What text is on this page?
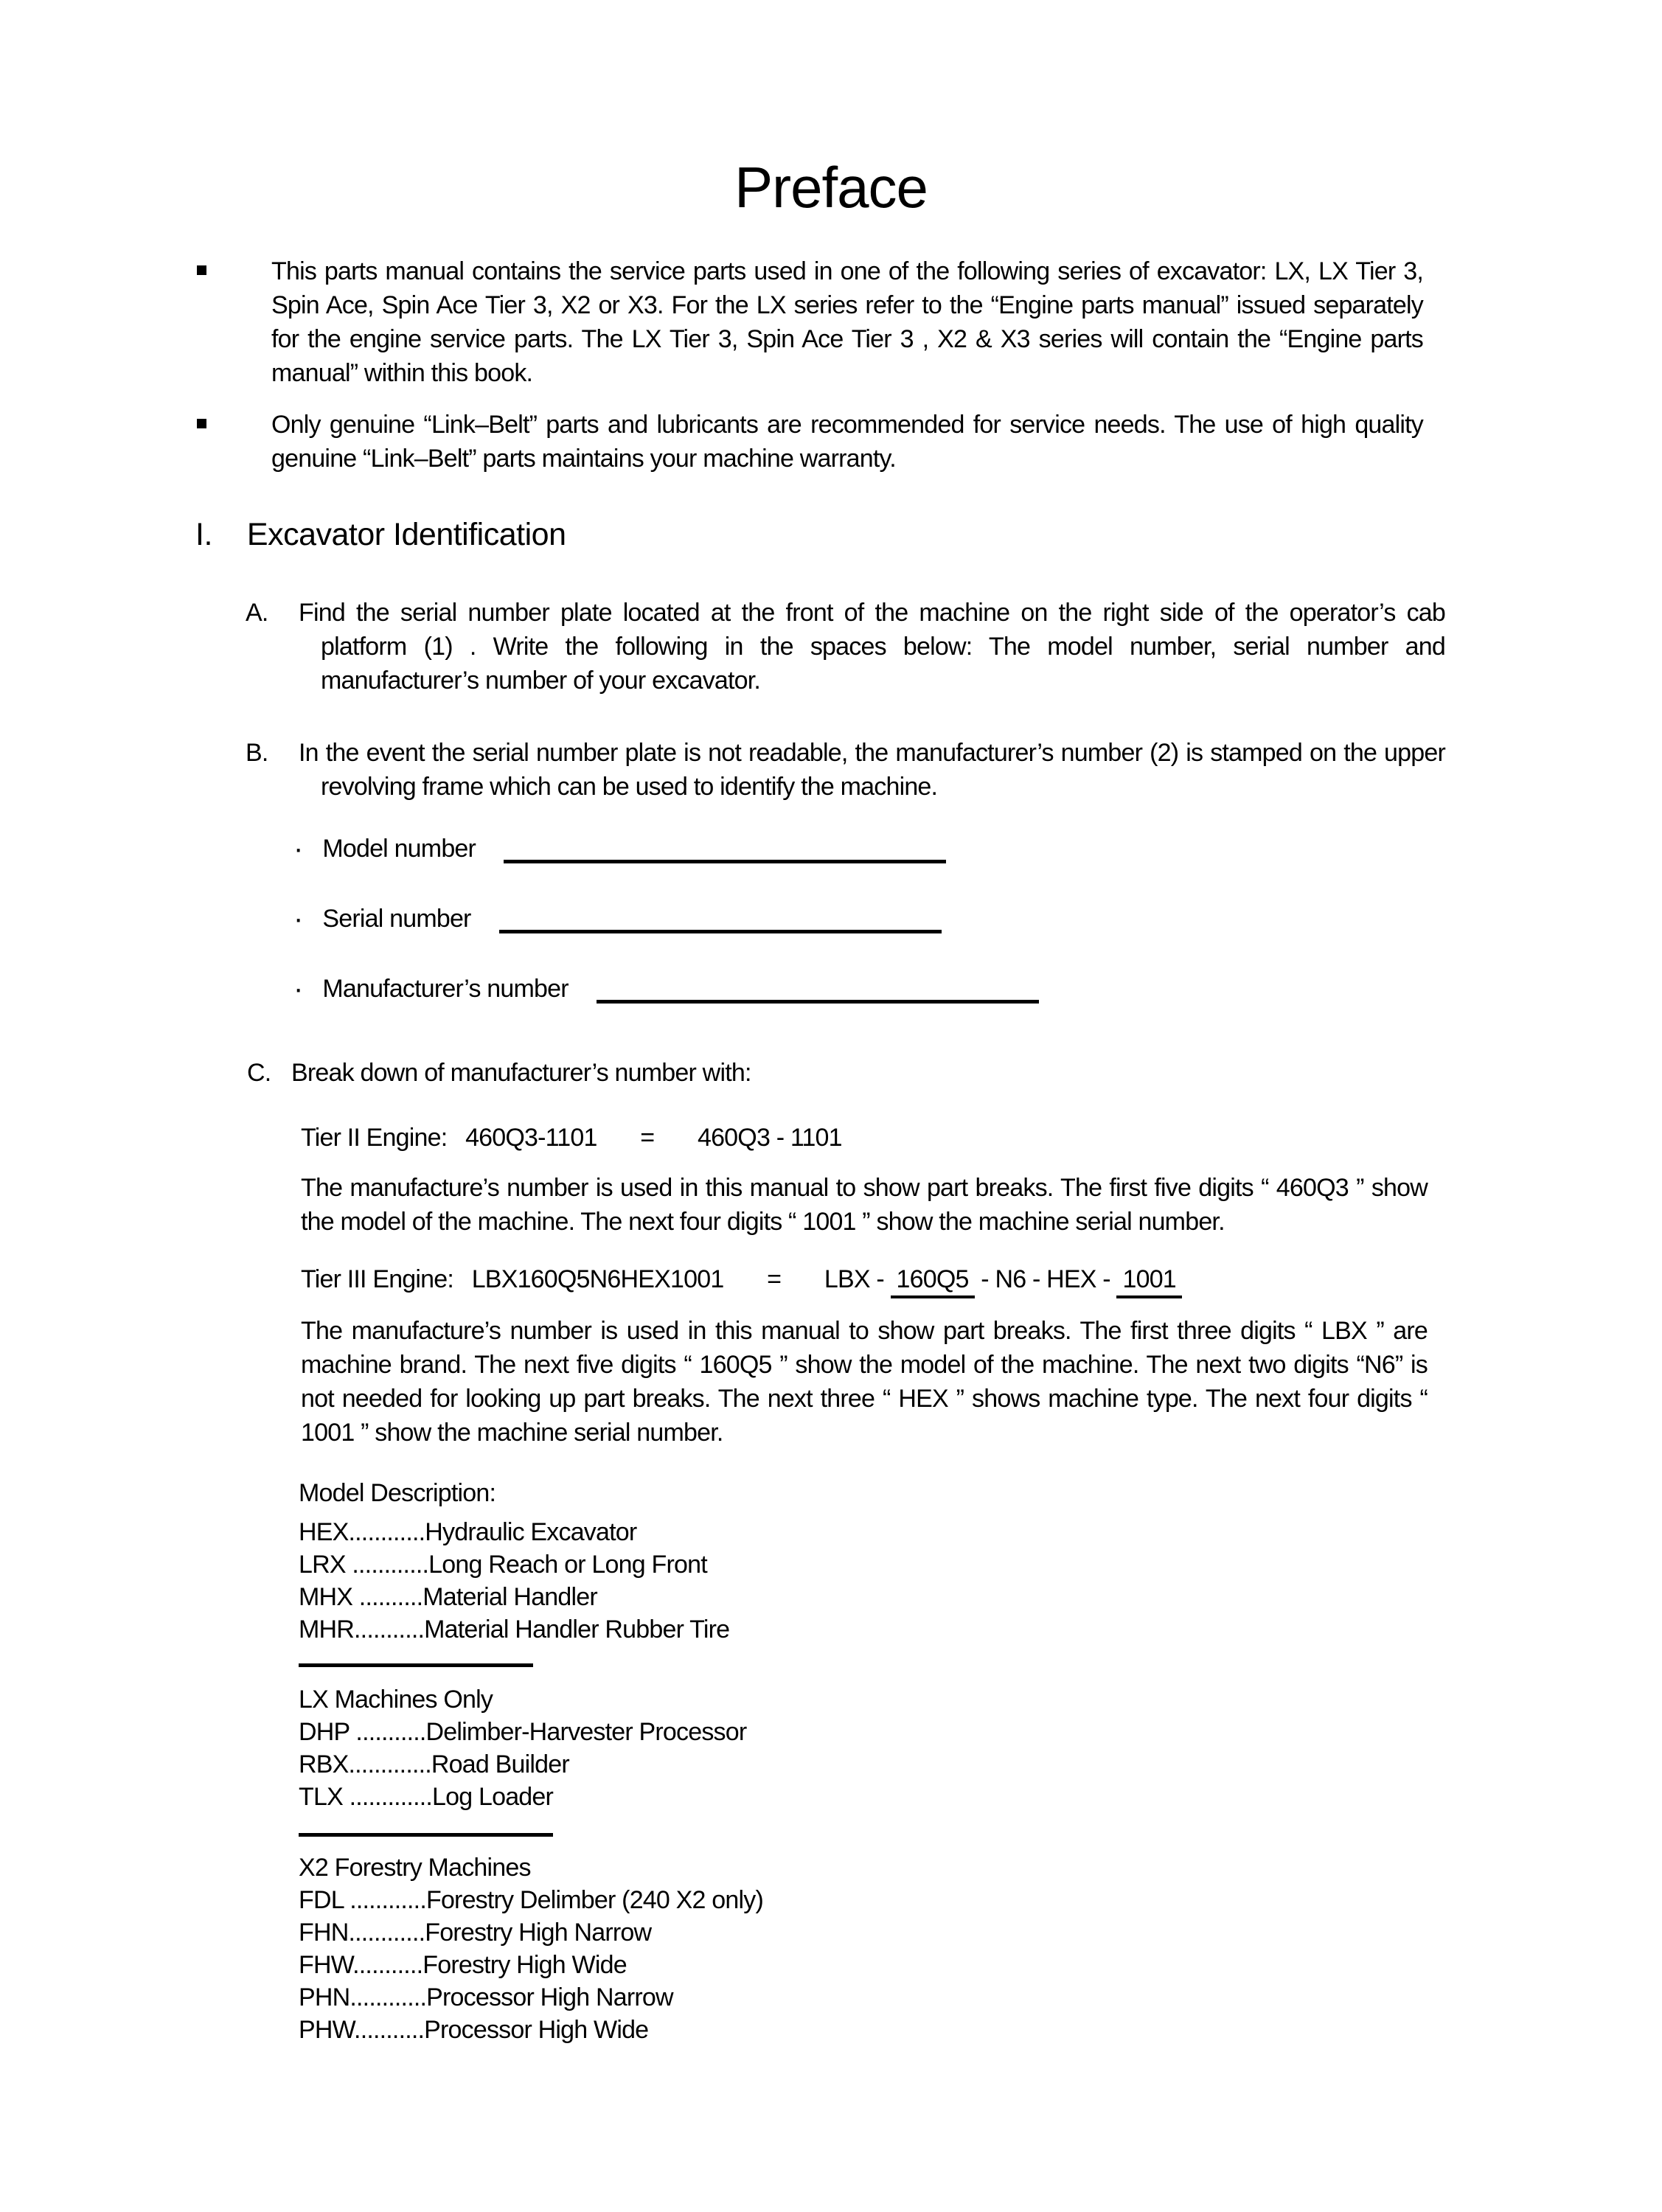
Preface

This parts manual contains the service parts used in one of the following series of excavator: LX, LX Tier 3, Spin Ace, Spin Ace Tier 3, X2 or X3. For the LX series refer to the “Engine parts manual” issued separately for the engine service parts. The LX Tier 3, Spin Ace Tier 3 , X2 & X3 series will contain the “Engine parts manual” within this book.

Only genuine “Link–Belt” parts and lubricants are recommended for service needs. The use of high quality genuine “Link–Belt” parts maintains your machine warranty.

I. Excavator Identification
A.	Find the serial number plate located at the front of the machine on the right side of the operator’s cab platform (1) . Write the following in the spaces below: The model number, serial number and manufacturer’s number of your excavator.

B.	In the event the serial number plate is not readable, the manufacturer’s number (2) is stamped on the upper revolving frame which can be used to identify the machine.

· Model number
· Serial number
· Manufacturer’s number
C. Break down of manufacturer’s number with:
Tier II Engine: 460Q3-1101 = 460Q3 - 1101

The manufacture’s number is used in this manual to show part breaks. The first five digits “ 460Q3 ” show the model of the machine. The next four digits “ 1001 ” show the machine serial number.

Tier III Engine: LBX160Q5N6HEX1001 = LBX - 160Q5 - N6 - HEX - 1001

The manufacture’s number is used in this manual to show part breaks. The first three digits “ LBX ” are machine brand. The next five digits “ 160Q5 ” show the model of the machine. The next two digits “N6” is not needed for looking up part breaks. The next three “ HEX ” shows machine type. The next four digits “ 1001 ” show the machine serial number.

Model Description:
HEX............Hydraulic Excavator
LRX ............Long Reach or Long Front
MHX ..........Material Handler
MHR...........Material Handler Rubber Tire
LX Machines Only
DHP ...........Delimber-Harvester Processor
RBX.............Road Builder
TLX .............Log Loader
X2 Forestry Machines
FDL ............Forestry Delimber (240 X2 only)
FHN............Forestry High Narrow
FHW...........Forestry High Wide
PHN............Processor High Narrow
PHW...........Processor High Wide
